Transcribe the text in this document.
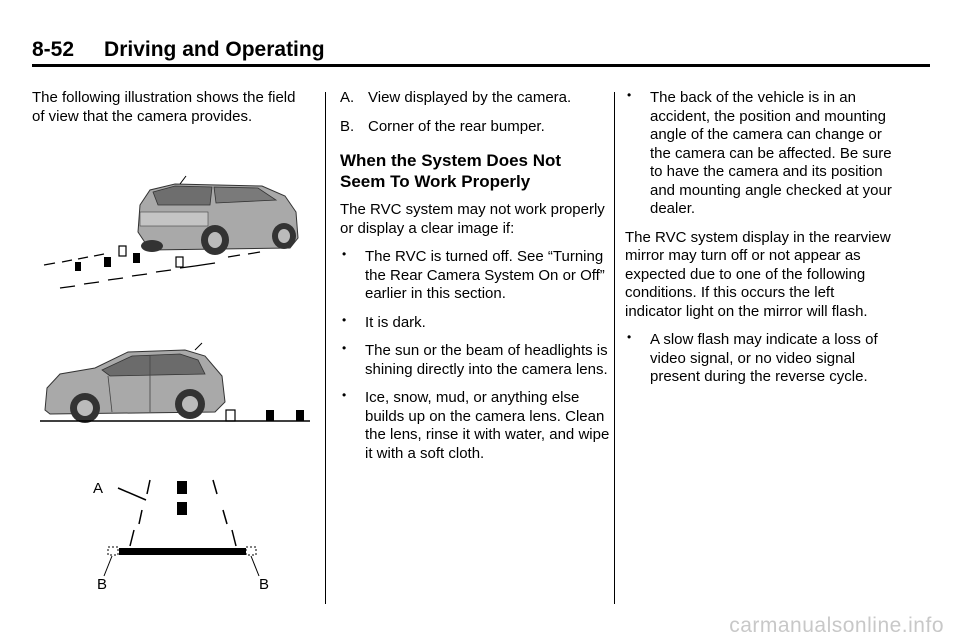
8-52 Driving and Operating

The following illustration shows the field of view that the camera provides.

A
B	B
A. View displayed by the camera.
B. Corner of the rear bumper.
When the System Does Not Seem To Work Properly

The RVC system may not work properly or display a clear image if:

• The RVC is turned off. See “Turning the Rear Camera System On or Off” earlier in this section.
• It is dark.
• The sun or the beam of headlights is shining directly into the camera lens.
• Ice, snow, mud, or anything else builds up on the camera lens. Clean the lens, rinse it with water, and wipe it with a soft cloth.
• The back of the vehicle is in an accident, the position and mounting angle of the camera can change or the camera can be affected. Be sure to have the camera and its position and mounting angle checked at your dealer.

The RVC system display in the rearview mirror may turn off or not appear as expected due to one of the following conditions. If this occurs the left indicator light on the mirror will flash.

• A slow flash may indicate a loss of video signal, or no video signal present during the reverse cycle.
carmanualsonline.info
